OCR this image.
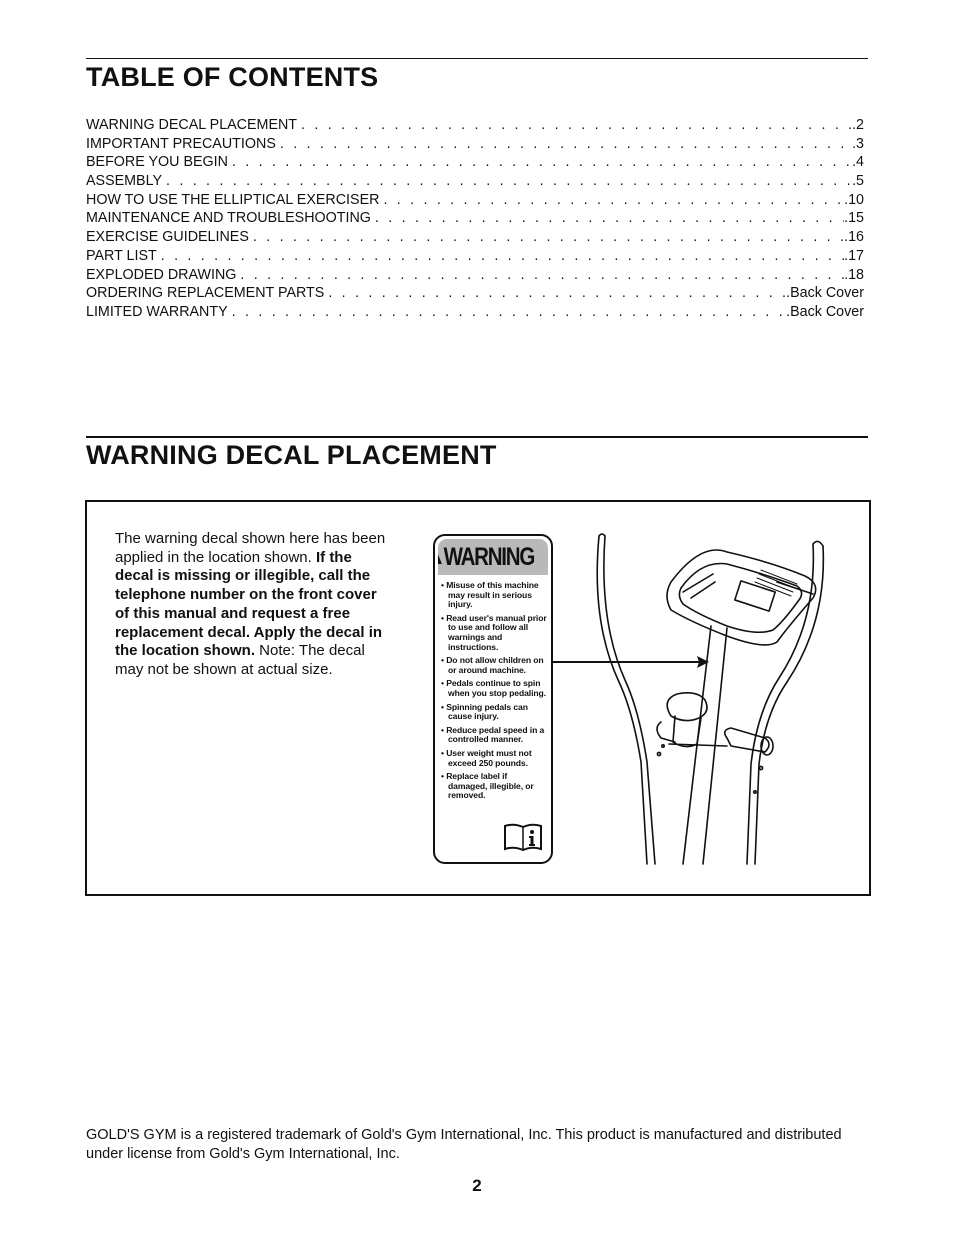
TABLE OF CONTENTS
WARNING DECAL PLACEMENT . . .	.2
IMPORTANT PRECAUTIONS . . .	.3
BEFORE YOU BEGIN . . .	.4
ASSEMBLY . . .	.5
HOW TO USE THE ELLIPTICAL EXERCISER . . .	.10
MAINTENANCE AND TROUBLESHOOTING . . .	.15
EXERCISE GUIDELINES . . .	.16
PART LIST . . .	.17
EXPLODED DRAWING . . .	.18
ORDERING REPLACEMENT PARTS . . .	.Back Cover
LIMITED WARRANTY . . .	.Back Cover
WARNING DECAL PLACEMENT

The warning decal shown here has been applied in the location shown. If the decal is missing or illegible, call the telephone number on the front cover of this manual and request a free replacement decal. Apply the decal in the location shown. Note: The decal may not be shown at actual size.

WARNING
• Misuse of this machine may result in serious injury.
• Read user's manual prior to use and follow all warnings and instructions.
• Do not allow children on or around machine.
• Pedals continue to spin when you stop pedaling.
• Spinning pedals can cause injury.
• Reduce pedal speed in a controlled manner.
• User weight must not exceed 250 pounds.
• Replace label if damaged, illegible, or removed.

GOLD'S GYM is a registered trademark of Gold's Gym International, Inc. This product is manufactured and distributed under license from Gold's Gym International, Inc.

2
